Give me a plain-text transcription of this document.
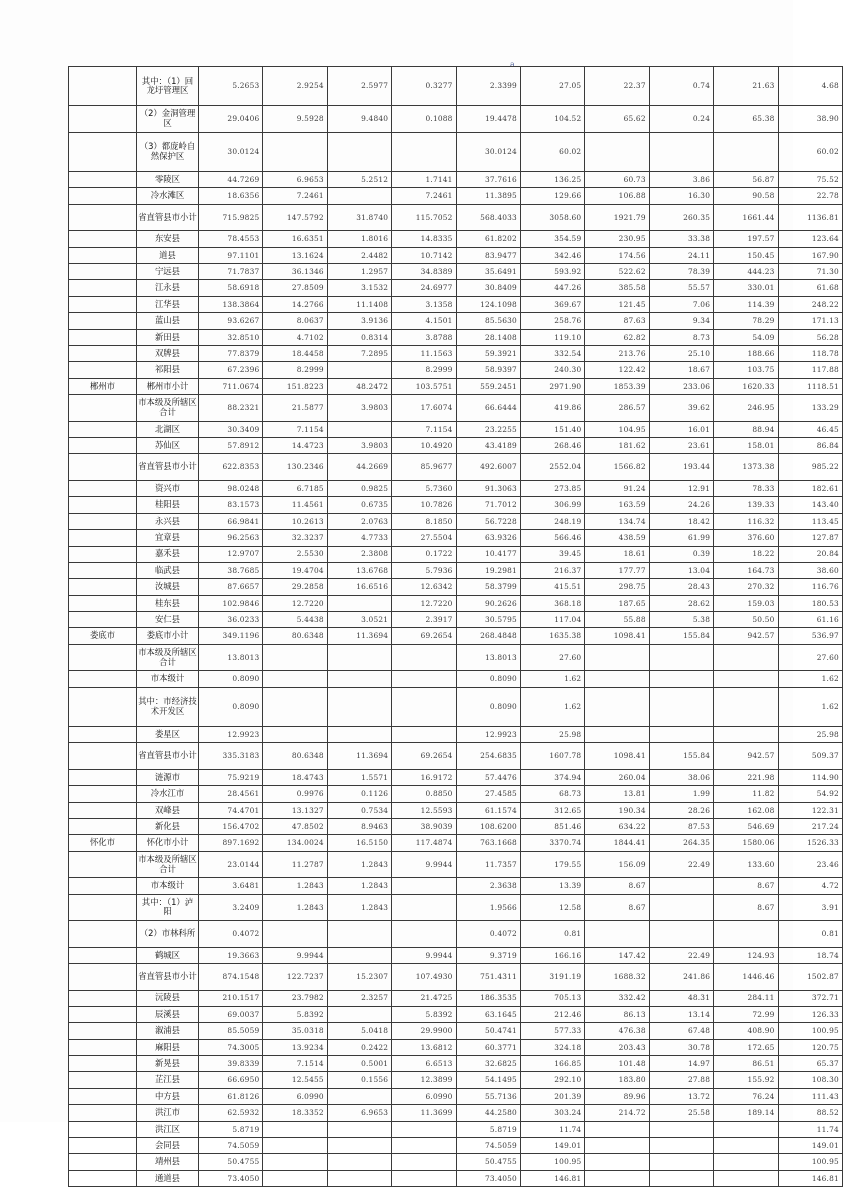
a
	其中：（1）回龙圩管理区	5.2653	2.9254	2.5977	0.3277	2.3399	27.05	22.37	0.74	21.63	4.68
	（2）金洞管理区	29.0406	9.5928	9.4840	0.1088	19.4478	104.52	65.62	0.24	65.38	38.90
	（3）都庞岭自然保护区	30.0124				30.0124	60.02				60.02
	零陵区	44.7269	6.9653	5.2512	1.7141	37.7616	136.25	60.73	3.86	56.87	75.52
	冷水滩区	18.6356	7.2461		7.2461	11.3895	129.66	106.88	16.30	90.58	22.78
	省直管县市小计	715.9825	147.5792	31.8740	115.7052	568.4033	3058.60	1921.79	260.35	1661.44	1136.81
	东安县	78.4553	16.6351	1.8016	14.8335	61.8202	354.59	230.95	33.38	197.57	123.64
	道县	97.1101	13.1624	2.4482	10.7142	83.9477	342.46	174.56	24.11	150.45	167.90
	宁远县	71.7837	36.1346	1.2957	34.8389	35.6491	593.92	522.62	78.39	444.23	71.30
	江永县	58.6918	27.8509	3.1532	24.6977	30.8409	447.26	385.58	55.57	330.01	61.68
	江华县	138.3864	14.2766	11.1408	3.1358	124.1098	369.67	121.45	7.06	114.39	248.22
	蓝山县	93.6267	8.0637	3.9136	4.1501	85.5630	258.76	87.63	9.34	78.29	171.13
	新田县	32.8510	4.7102	0.8314	3.8788	28.1408	119.10	62.82	8.73	54.09	56.28
	双牌县	77.8379	18.4458	7.2895	11.1563	59.3921	332.54	213.76	25.10	188.66	118.78
	祁阳县	67.2396	8.2999		8.2999	58.9397	240.30	122.42	18.67	103.75	117.88
郴州市	郴州市小计	711.0674	151.8223	48.2472	103.5751	559.2451	2971.90	1853.39	233.06	1620.33	1118.51
	市本级及所辖区合计	88.2321	21.5877	3.9803	17.6074	66.6444	419.86	286.57	39.62	246.95	133.29
	北湖区	30.3409	7.1154		7.1154	23.2255	151.40	104.95	16.01	88.94	46.45
	苏仙区	57.8912	14.4723	3.9803	10.4920	43.4189	268.46	181.62	23.61	158.01	86.84
	省直管县市小计	622.8353	130.2346	44.2669	85.9677	492.6007	2552.04	1566.82	193.44	1373.38	985.22
	资兴市	98.0248	6.7185	0.9825	5.7360	91.3063	273.85	91.24	12.91	78.33	182.61
	桂阳县	83.1573	11.4561	0.6735	10.7826	71.7012	306.99	163.59	24.26	139.33	143.40
	永兴县	66.9841	10.2613	2.0763	8.1850	56.7228	248.19	134.74	18.42	116.32	113.45
	宜章县	96.2563	32.3237	4.7733	27.5504	63.9326	566.46	438.59	61.99	376.60	127.87
	嘉禾县	12.9707	2.5530	2.3808	0.1722	10.4177	39.45	18.61	0.39	18.22	20.84
	临武县	38.7685	19.4704	13.6768	5.7936	19.2981	216.37	177.77	13.04	164.73	38.60
	汝城县	87.6657	29.2858	16.6516	12.6342	58.3799	415.51	298.75	28.43	270.32	116.76
	桂东县	102.9846	12.7220		12.7220	90.2626	368.18	187.65	28.62	159.03	180.53
	安仁县	36.0233	5.4438	3.0521	2.3917	30.5795	117.04	55.88	5.38	50.50	61.16
娄底市	娄底市小计	349.1196	80.6348	11.3694	69.2654	268.4848	1635.38	1098.41	155.84	942.57	536.97
	市本级及所辖区合计	13.8013				13.8013	27.60				27.60
	市本级计	0.8090				0.8090	1.62				1.62
	其中：市经济技术开发区	0.8090				0.8090	1.62				1.62
	娄星区	12.9923				12.9923	25.98				25.98
	省直管县市小计	335.3183	80.6348	11.3694	69.2654	254.6835	1607.78	1098.41	155.84	942.57	509.37
	涟源市	75.9219	18.4743	1.5571	16.9172	57.4476	374.94	260.04	38.06	221.98	114.90
	冷水江市	28.4561	0.9976	0.1126	0.8850	27.4585	68.73	13.81	1.99	11.82	54.92
	双峰县	74.4701	13.1327	0.7534	12.5593	61.1574	312.65	190.34	28.26	162.08	122.31
	新化县	156.4702	47.8502	8.9463	38.9039	108.6200	851.46	634.22	87.53	546.69	217.24
怀化市	怀化市小计	897.1692	134.0024	16.5150	117.4874	763.1668	3370.74	1844.41	264.35	1580.06	1526.33
	市本级及所辖区合计	23.0144	11.2787	1.2843	9.9944	11.7357	179.55	156.09	22.49	133.60	23.46
	市本级计	3.6481	1.2843	1.2843		2.3638	13.39	8.67		8.67	4.72
	其中：（1）泸阳	3.2409	1.2843	1.2843		1.9566	12.58	8.67		8.67	3.91
	（2）市林科所	0.4072				0.4072	0.81				0.81
	鹤城区	19.3663	9.9944		9.9944	9.3719	166.16	147.42	22.49	124.93	18.74
	省直管县市小计	874.1548	122.7237	15.2307	107.4930	751.4311	3191.19	1688.32	241.86	1446.46	1502.87
	沅陵县	210.1517	23.7982	2.3257	21.4725	186.3535	705.13	332.42	48.31	284.11	372.71
	辰溪县	69.0037	5.8392		5.8392	63.1645	212.46	86.13	13.14	72.99	126.33
	溆浦县	85.5059	35.0318	5.0418	29.9900	50.4741	577.33	476.38	67.48	408.90	100.95
	麻阳县	74.3005	13.9234	0.2422	13.6812	60.3771	324.18	203.43	30.78	172.65	120.75
	新晃县	39.8339	7.1514	0.5001	6.6513	32.6825	166.85	101.48	14.97	86.51	65.37
	芷江县	66.6950	12.5455	0.1556	12.3899	54.1495	292.10	183.80	27.88	155.92	108.30
	中方县	61.8126	6.0990		6.0990	55.7136	201.39	89.96	13.72	76.24	111.43
	洪江市	62.5932	18.3352	6.9653	11.3699	44.2580	303.24	214.72	25.58	189.14	88.52
	洪江区	5.8719				5.8719	11.74				11.74
	会同县	74.5059				74.5059	149.01				149.01
	靖州县	50.4755				50.4755	100.95				100.95
	通道县	73.4050				73.4050	146.81				146.81
